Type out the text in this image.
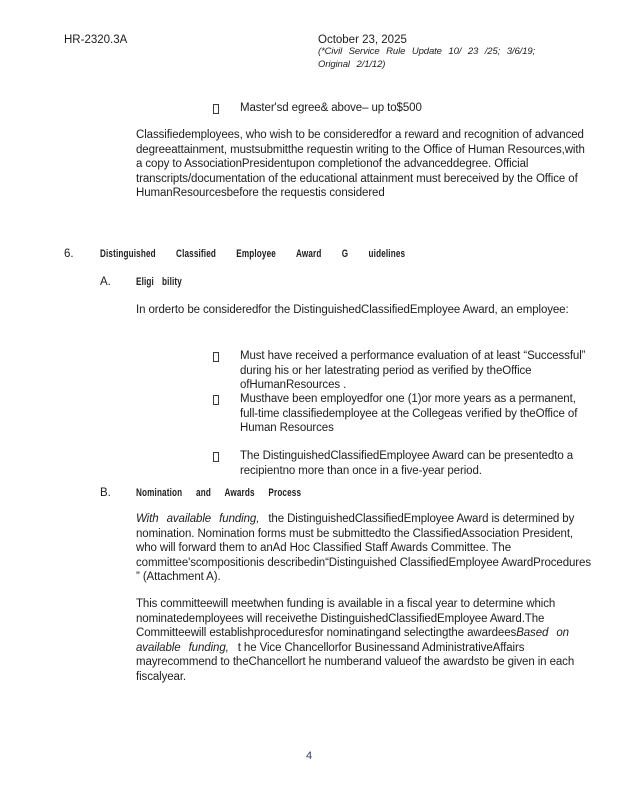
HR-2320.3A	October 23, 2025
(*Civil Service Rule Update 10/ 23 /25; 3/6/19;
Original 2/1/12)
Master'sd egree& above– up to$500
Classifiedemployees, who wish to be consideredfor a reward and recognition of advanced degreeattainment, mustsubmitthe requestin writing to the Office of Human Resources,with a copy to AssociationPresidentupon completionof the advanceddegree. Official transcripts/documentation of the educational attainment must bereceived by the Office of HumanResourcesbefore the requestis considered
6.	Distinguished Classified Employee Award G uidelines
A.	Eligi bility
In orderto be consideredfor the DistinguishedClassifiedEmployee Award, an employee:
Must have received a performance evaluation of at least “Successful” during his or her latestrating period as verified by theOffice ofHumanResources .
Musthave been employedfor one (1)or more years as a permanent, full-time classifiedemployee at the Collegeas verified by theOffice of Human Resources
The DistinguishedClassifiedEmployee Award can be presentedto a recipientno more than once in a five-year period.
B.	Nomination and Awards Process
With available funding, the DistinguishedClassifiedEmployee Award is determined by nomination. Nomination forms must be submittedto the ClassifiedAssociation President, who will forward them to anAd Hoc Classified Staff Awards Committee. The committee'scompositionis describedin“Distinguished ClassifiedEmployee AwardProcedures ” (Attachment A).
This committeewill meetwhen funding is available in a fiscal year to determine which nominatedemployees will receivethe DistinguishedClassifiedEmployee Award.The Committeewill establishproceduresfor nominatingand selectingthe awardeesBased on available funding, t he Vice Chancellorfor Businessand AdministrativeAffairs mayrecommend to theChancellort he numberand valueof the awardsto be given in each fiscalyear.
4
